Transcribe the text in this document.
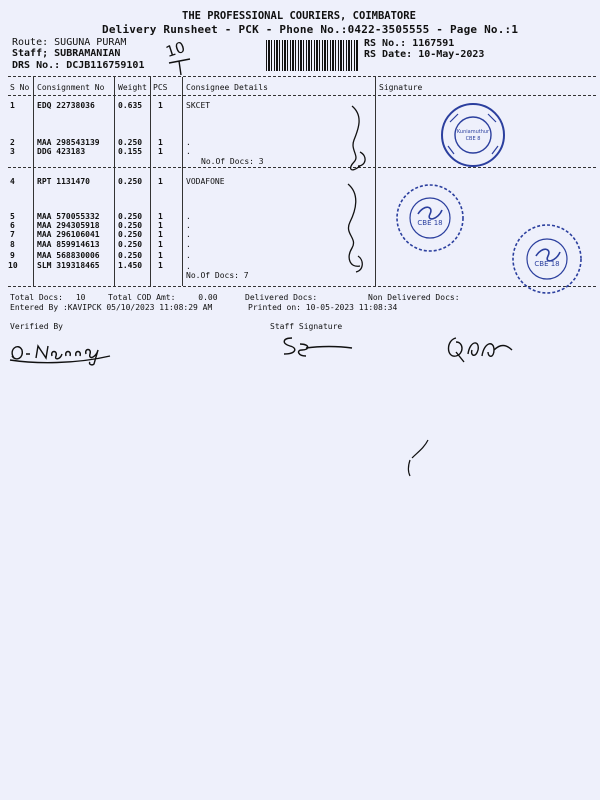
THE PROFESSIONAL COURIERS, COIMBATORE
Delivery Runsheet - PCK - Phone No.:0422-3505555 - Page No.:1
Route: SUGUNA PURAM
Staff; SUBRAMANIAN
DRS No.: DCJB116759101
RS No.: 1167591
RS Date: 10-May-2023
10
S No Consignment No Weight PCS Consignee Details	Signature
1	EDQ 22738036	0.635 1	SKCET
2	MAA 298543139 0.250 1	.
3	DDG 423183	0.155 1	.
No.Of Docs: 3
4	RPT 1131470	0.250 1	VODAFONE
5	MAA 570055332 0.250 1	.
6	MAA 294305918 0.250 1	.
7	MAA 296106041 0.250 1	.
8	MAA 859914613 0.250 1	.
9	MAA 568830006 0.250 1	.
10 SLM 319318465 1.450 1	.
No.Of Docs: 7
Kuniamuthur
CBE 8
CBE 18
CBE 18
Total Docs: 10	Total COD Amt:	0.00	Delivered Docs:	Non Delivered Docs:
Entered By :KAVIPCK 05/10/2023 11:08:29 AM	Printed on: 10-05-2023 11:08:34
Verified By	Staff Signature
